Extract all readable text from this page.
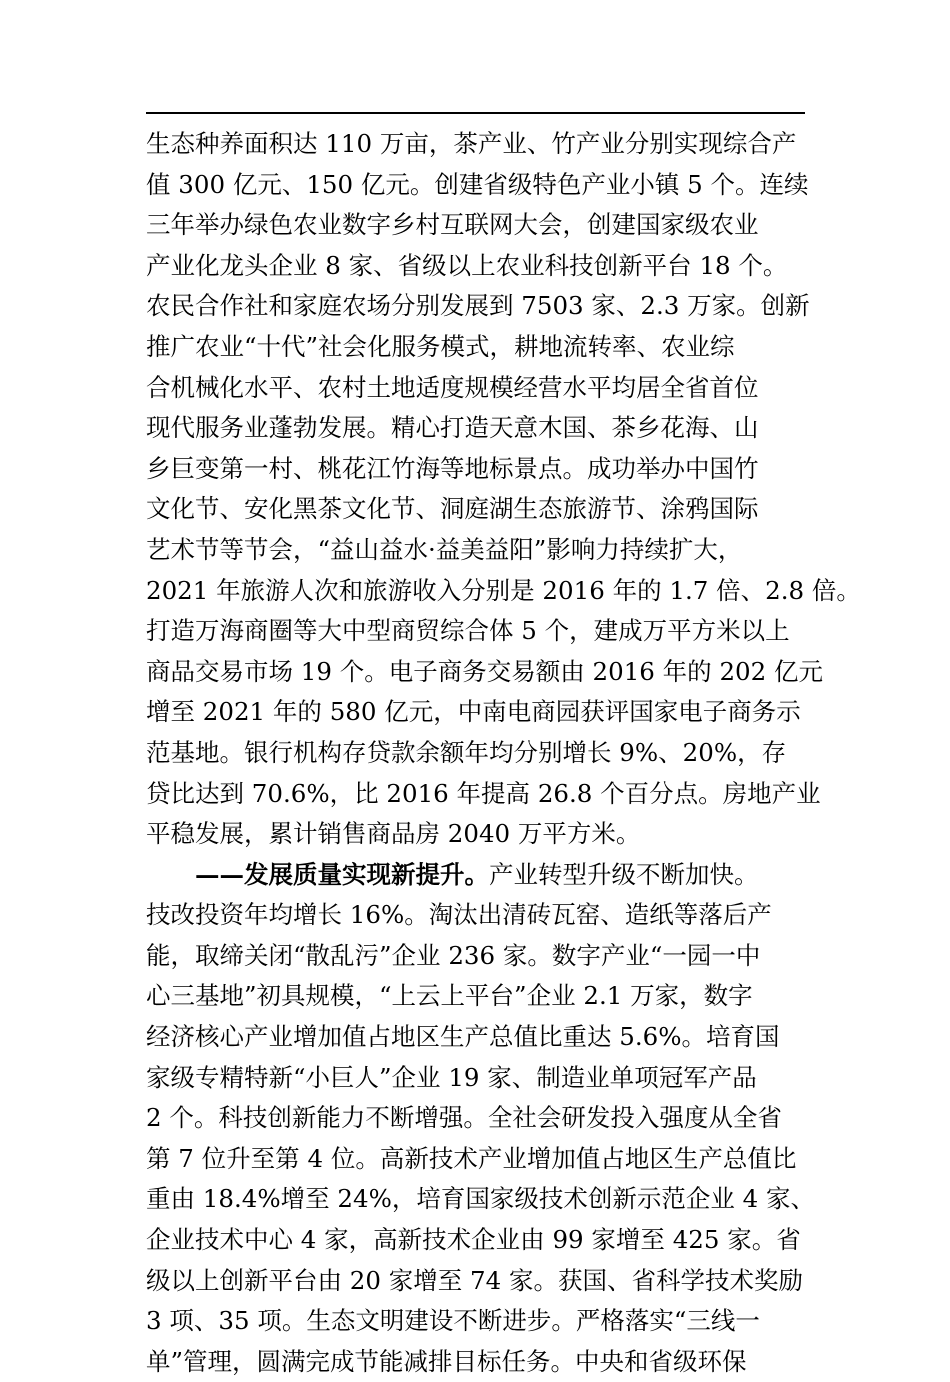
生态种养面积达 110 万亩，茶产业、竹产业分别实现综合产
值 300 亿元、150 亿元。创建省级特色产业小镇 5 个。连续
三年举办绿色农业数字乡村互联网大会，创建国家级农业
产业化龙头企业 8 家、省级以上农业科技创新平台 18 个。
农民合作社和家庭农场分别发展到 7503 家、2.3 万家。创新
推广农业“十代”社会化服务模式，耕地流转率、农业综
合机械化水平、农村土地适度规模经营水平均居全省首位
现代服务业蓬勃发展。精心打造天意木国、茶乡花海、山
乡巨变第一村、桃花江竹海等地标景点。成功举办中国竹
文化节、安化黑茶文化节、洞庭湖生态旅游节、涂鸦国际
艺术节等节会，“益山益水·益美益阳”影响力持续扩大，
2021 年旅游人次和旅游收入分别是 2016 年的 1.7 倍、2.8 倍。
打造万海商圈等大中型商贸综合体 5 个，建成万平方米以上
商品交易市场 19 个。电子商务交易额由 2016 年的 202 亿元
增至 2021 年的 580 亿元，中南电商园获评国家电子商务示
范基地。银行机构存贷款余额年均分别增长 9%、20%，存
贷比达到 70.6%，比 2016 年提高 26.8 个百分点。房地产业
平稳发展，累计销售商品房 2040 万平方米。
——发展质量实现新提升。产业转型升级不断加快。
技改投资年均增长 16%。淘汰出清砖瓦窑、造纸等落后产
能，取缔关闭“散乱污”企业 236 家。数字产业“一园一中
心三基地”初具规模，“上云上平台”企业 2.1 万家，数字
经济核心产业增加值占地区生产总值比重达 5.6%。培育国
家级专精特新“小巨人”企业 19 家、制造业单项冠军产品
2 个。科技创新能力不断增强。全社会研发投入强度从全省
第 7 位升至第 4 位。高新技术产业增加值占地区生产总值比
重由 18.4%增至 24%，培育国家级技术创新示范企业 4 家、
企业技术中心 4 家，高新技术企业由 99 家增至 425 家。省
级以上创新平台由 20 家增至 74 家。获国、省科学技术奖励
3 项、35 项。生态文明建设不断进步。严格落实“三线一
单”管理，圆满完成节能减排目标任务。中央和省级环保
